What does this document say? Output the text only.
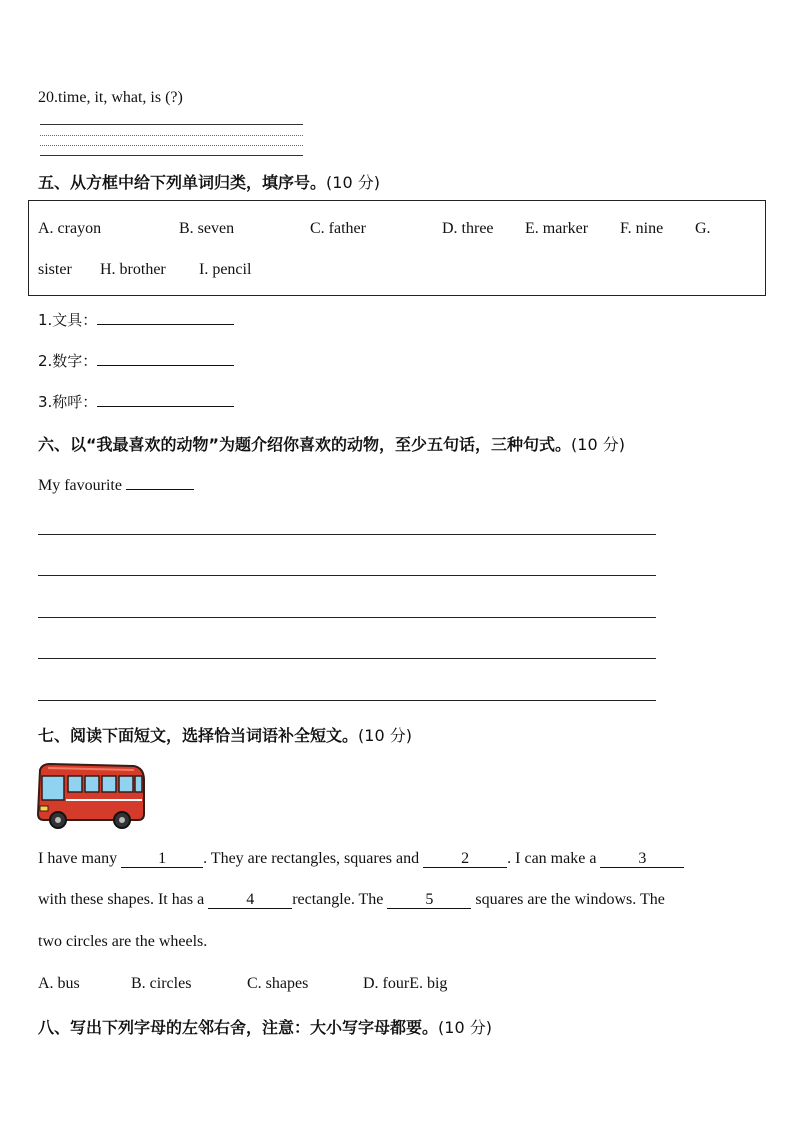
20.time, it, what, is (?)
五、从方框中给下列单词归类，填序号。(10 分)
A. crayon	B. seven	C. father	D. three E. marker F. nine G.
sister H. brother I. pencil
1.文具：
2.数字：
3.称呼：
六、以“我最喜欢的动物”为题介绍你喜欢的动物，至少五句话，三种句式。(10 分)
My favourite
七、阅读下面短文，选择恰当词语补全短文。(10 分)
I have many	1 . They are rectangles, squares and	2 . I can make a	3
with these shapes. It has a	4 rectangle. The	5	squares are the windows. The
two circles are the wheels.
A. bus	B. circles	C. shapes	D. fourE. big
八、写出下列字母的左邻右舍，注意：大小写字母都要。(10 分)
